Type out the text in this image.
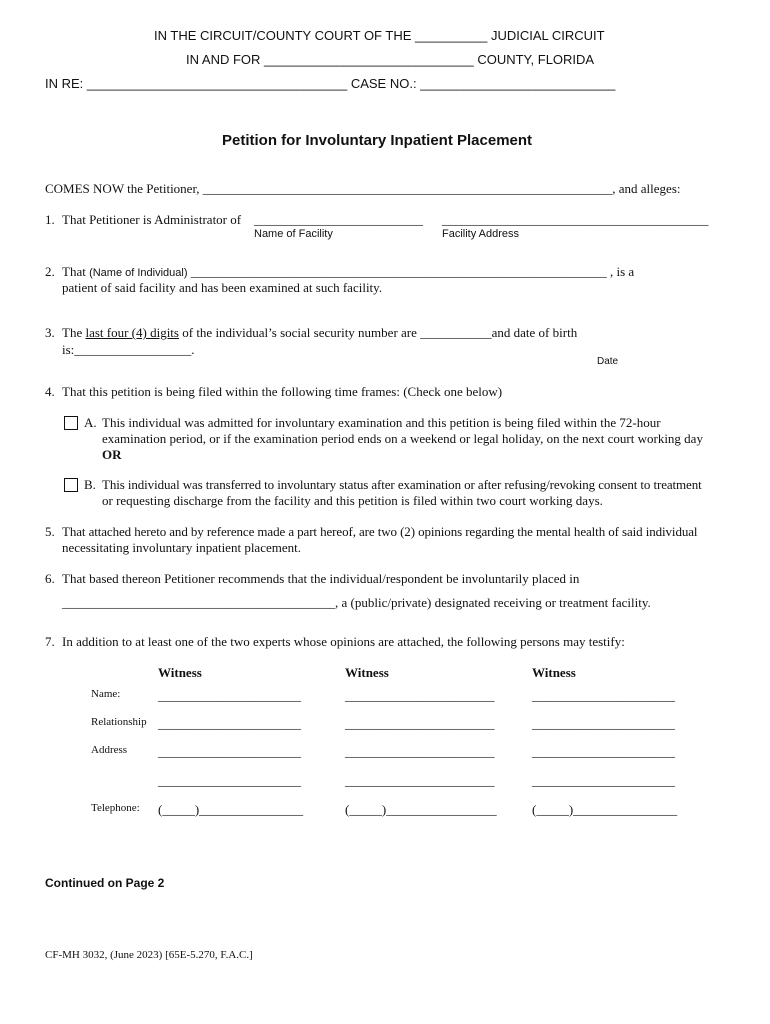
IN THE CIRCUIT/COUNTY COURT OF THE __________ JUDICIAL CIRCUIT
IN AND FOR _____________________________ COUNTY, FLORIDA
IN RE: ____________________________________ CASE NO.: ___________________________
Petition for Involuntary Inpatient Placement
COMES NOW the Petitioner, _______________________________________________________________, and alleges:
1. That Petitioner is Administrator of __________________________ _________________________________________
Name of Facility	Facility Address
2. That (Name of Individual) ________________________________________________________________ , is a
patient of said facility and has been examined at such facility.
3. The last four (4) digits of the individual’s social security number are ___________and date of birth
is:__________________.
Date
4. That this petition is being filed within the following time frames: (Check one below)
A. This individual was admitted for involuntary examination and this petition is being filed within the 72-hour
examination period, or if the examination period ends on a weekend or legal holiday, on the next court working day
OR
B. This individual was transferred to involuntary status after examination or after refusing/revoking consent to treatment
or requesting discharge from the facility and this petition is filed within two court working days.
5. That attached hereto and by reference made a part hereof, are two (2) opinions regarding the mental health of said individual
necessitating involuntary inpatient placement.
6. That based thereon Petitioner recommends that the individual/respondent be involuntarily placed in
__________________________________________, a (public/private) designated receiving or treatment facility.
7. In addition to at least one of the two experts whose opinions are attached, the following persons may testify:
Witness	Witness	Witness
Name:	______________________	_______________________	______________________
Relationship ______________________	_______________________	______________________
Address ______________________	_______________________	______________________
______________________	_______________________	______________________
Telephone: (_____)________________	(_____)_________________	(_____)________________
Continued on Page 2
CF-MH 3032, (June 2023) [65E-5.270, F.A.C.]
